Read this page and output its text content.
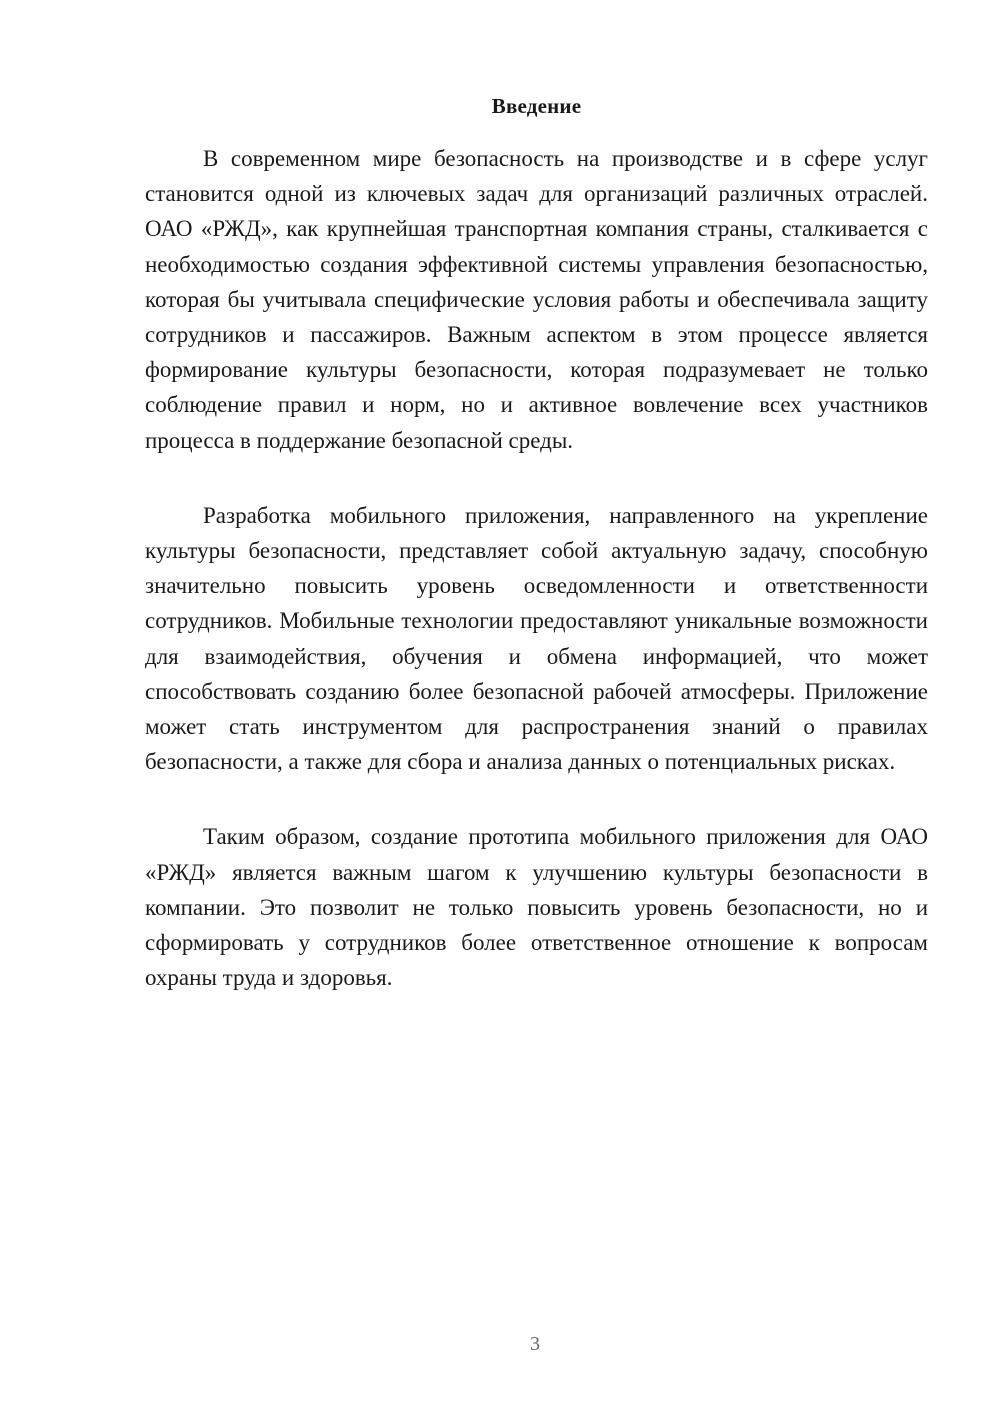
Введение

В современном мире безопасность на производстве и в сфере услуг становится одной из ключевых задач для организаций различных отраслей. ОАО «РЖД», как крупнейшая транспортная компания страны, сталкивается с необходимостью создания эффективной системы управления безопасностью, которая бы учитывала специфические условия работы и обеспечивала защиту сотрудников и пассажиров. Важным аспектом в этом процессе является формирование культуры безопасности, которая подразумевает не только соблюдение правил и норм, но и активное вовлечение всех участников процесса в поддержание безопасной среды.

Разработка мобильного приложения, направленного на укрепление культуры безопасности, представляет собой актуальную задачу, способную значительно повысить уровень осведомленности и ответственности сотрудников. Мобильные технологии предоставляют уникальные возможности для взаимодействия, обучения и обмена информацией, что может способствовать созданию более безопасной рабочей атмосферы. Приложение может стать инструментом для распространения знаний о правилах безопасности, а также для сбора и анализа данных о потенциальных рисках.

Таким образом, создание прототипа мобильного приложения для ОАО «РЖД» является важным шагом к улучшению культуры безопасности в компании. Это позволит не только повысить уровень безопасности, но и сформировать у сотрудников более ответственное отношение к вопросам охраны труда и здоровья.

3
